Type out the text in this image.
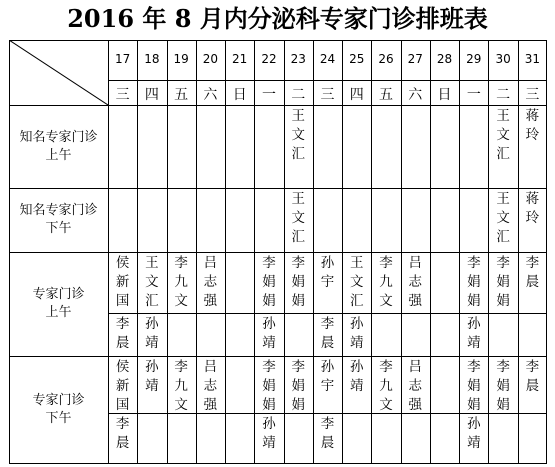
2016 年 8 月内分泌科专家门诊排班表
17
三
18
四
19
五
20
六
21
日
22
一
23
二
24
三
25
四
26
五
27
六
28
日
29
一
30
二
31
三
知名专家门诊
上午
王
文
汇
王
文
汇
蒋
玲
知名专家门诊
下午
王
文
汇
王
文
汇
蒋
玲
专家门诊
上午
侯
新
国
王
文
汇
李
九
文
吕
志
强
李
娟
娟
李
娟
娟
孙
宇
王
文
汇
李
九
文
吕
志
强
李
娟
娟
李
娟
娟
李
晨
李
晨
孙
靖
孙
靖
李
晨
孙
靖
孙
靖
专家门诊
下午
侯
新
国
孙
靖
李
九
文
吕
志
强
李
娟
娟
李
娟
娟
孙
宇
孙
靖
李
九
文
吕
志
强
李
娟
娟
李
娟
娟
李
晨
李
晨
孙
靖
李
晨
孙
靖
